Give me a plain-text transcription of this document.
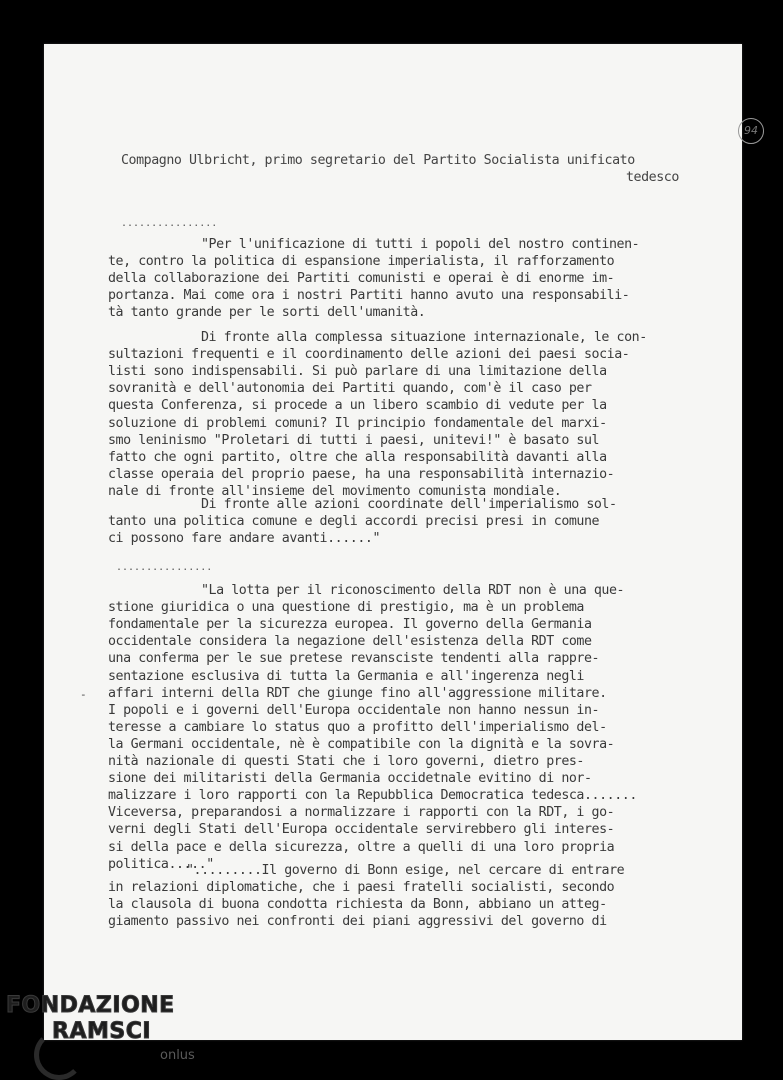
94
Compagno Ulbricht, primo segretario del Partito Socialista unificato
tedesco
................
"Per l'unificazione di tutti i popoli del nostro continen-
te, contro la politica di espansione imperialista, il rafforzamento
della collaborazione dei Partiti comunisti e operai è di enorme im-
portanza. Mai come ora i nostri Partiti hanno avuto una responsabili-
tà tanto grande per le sorti dell'umanità.
Di fronte alla complessa situazione internazionale, le con-
sultazioni frequenti e il coordinamento delle azioni dei paesi socia-
listi sono indispensabili. Si può parlare di una limitazione della
sovranità e dell'autonomia dei Partiti quando, com'è il caso per
questa Conferenza, si procede a un libero scambio di vedute per la
soluzione di problemi comuni? Il principio fondamentale del marxi-
smo leninismo "Proletari di tutti i paesi, unitevi!" è basato sul
fatto che ogni partito, oltre che alla responsabilità davanti alla
classe operaia del proprio paese, ha una responsabilità internazio-
nale di fronte all'insieme del movimento comunista mondiale.
Di fronte alle azioni coordinate dell'imperialismo sol-
tanto una politica comune e degli accordi precisi presi in comune
ci possono fare andare avanti......"
................
"La lotta per il riconoscimento della RDT non è una que-
stione giuridica o una questione di prestigio, ma è un problema
fondamentale per la sicurezza europea. Il governo della Germania
occidentale considera la negazione dell'esistenza della RDT come
una conferma per le sue pretese revansciste tendenti alla rappre-
sentazione esclusiva di tutta la Germania e all'ingerenza negli
affari interni della RDT che giunge fino all'aggressione militare.
I popoli e i governi dell'Europa occidentale non hanno nessun in-
teresse a cambiare lo status quo a profitto dell'imperialismo del-
la Germani occidentale, nè è compatibile con la dignità e la sovra-
nità nazionale di questi Stati che i loro governi, dietro pres-
sione dei militaristi della Germania occidetnale evitino di nor-
malizzare i loro rapporti con la Repubblica Democratica tedesca.......
Viceversa, preparandosi a normalizzare i rapporti con la RDT, i go-
verni degli Stati dell'Europa occidentale servirebbero gli interes-
si della pace e della sicurezza, oltre a quelli di una loro propria
politica....."
-
".........Il governo di Bonn esige, nel cercare di entrare
in relazioni diplomatiche, che i paesi fratelli socialisti, secondo
la clausola di buona condotta richiesta da Bonn, abbiano un atteg-
giamento passivo nei confronti dei piani aggressivi del governo di
FONDAZIONE
RAMSCI
onlus
